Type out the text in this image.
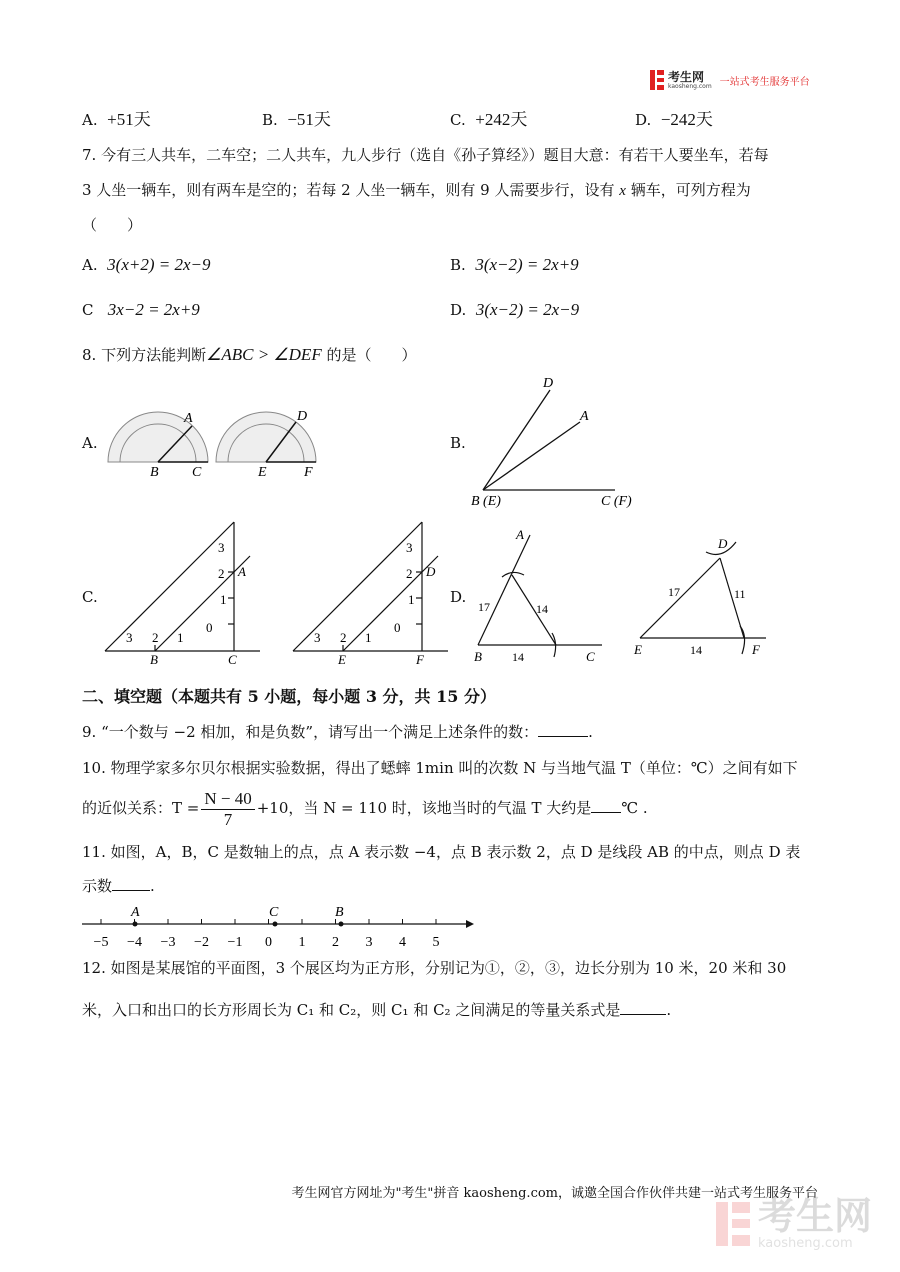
考生网
kaosheng.com 一站式考生服务平台
A. +51天	B. −51天	C. +242天	D. −242天
7. 今有三人共车，二车空；二人共车，九人步行（选自《孙子算经》）题目大意：有若干人要坐车，若每
3 人坐一辆车，则有两车是空的；若每 2 人坐一辆车，则有 9 人需要步行，设有 x 辆车，可列方程为
（　　）
A. 3(x+2) = 2x−9	B. 3(x−2) = 2x+9
C 3x−2 = 2x+9	D. 3(x−2) = 2x−9
8. 下列方法能判断∠ABC > ∠DEF 的是（　　）
A.
A
B C
D
E	F
B.
D
A
B (E)	C (F)
C.
3
2
1
0
3 2 1
B	C
A
3
2
1
0
3 2 1
E	F
D
D.
A
B	C
17	14
14
D
E	F
17	11
14
二、填空题（本题共有 5 小题，每小题 3 分，共 15 分）
9. “一个数与 −2 相加，和是负数”，请写出一个满足上述条件的数：	.
10. 物理学家多尔贝尔根据实验数据，得出了蟋蟀 1min 叫的次数 N 与当地气温 T（单位：℃）之间有如下
的近似关系：$T = \frac{N - 40}{7} +10$，当 N = 110 时，该地当时的气温 T 大约是 ℃ .
11. 如图，A，B，C 是数轴上的点，点 A 表示数 −4，点 B 表示数 2，点 D 是线段 AB 的中点，则点 D 表
示数	.
−5 −4 −3 −2 −1 0 1 2 3 4 5
A	C	B
12. 如图是某展馆的平面图，3 个展区均为正方形，分别记为①，②，③，边长分别为 10 米，20 米和 30
米，入口和出口的长方形周长为 C₁ 和 C₂，则 C₁ 和 C₂ 之间满足的等量关系式是	.
考生网官方网址为"考生"拼音 kaosheng.com，诚邀全国合作伙伴共建一站式考生服务平台
考生网
kaosheng.com
